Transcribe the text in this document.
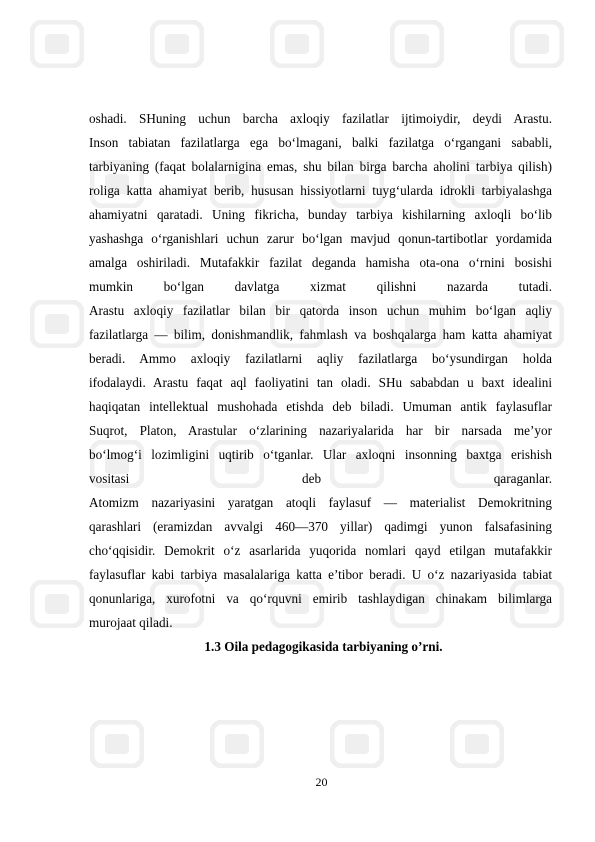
oshadi. SHuning uchun barcha axloqiy fazilatlar ijtimoiydir, deydi Arastu.
Inson tabiatan fazilatlarga ega bo‘lmagani, balki fazilatga o‘rgangani sababli,
tarbiyaning (faqat bolalarnigina emas, shu bilan birga barcha aholini tarbiya qilish)
roliga katta ahamiyat berib, hususan hissiyotlarni tuyg‘ularda idrokli tarbiyalashga
ahamiyatni qaratadi. Uning fikricha, bunday tarbiya kishilarning axloqli bo‘lib
yashashga o‘rganishlari uchun zarur bo‘lgan mavjud qonun-tartibotlar yordamida
amalga oshiriladi. Mutafakkir fazilat deganda hamisha ota-ona o‘rnini bosishi
mumkin bo‘lgan davlatga xizmat qilishni nazarda tutadi.
Arastu axloqiy fazilatlar bilan bir qatorda inson uchun muhim bo‘lgan aqliy
fazilatlarga — bilim, donishmandlik, fahmlash va boshqalarga ham katta ahamiyat
beradi. Ammo axloqiy fazilatlarni aqliy fazilatlarga bo‘ysundirgan holda
ifodalaydi. Arastu faqat aql faoliyatini tan oladi. SHu sababdan u baxt idealini
haqiqatan intellektual mushohada etishda deb biladi. Umuman antik faylasuflar
Suqrot, Platon, Arastular o‘zlarining nazariyalarida har bir narsada me’yor
bo‘lmog‘i lozimligini uqtirib o‘tganlar. Ular axloqni insonning baxtga erishish
vositasi deb qaraganlar.
Atomizm nazariyasini yaratgan atoqli faylasuf — materialist Demokritning
qarashlari (eramizdan avvalgi 460—370 yillar) qadimgi yunon falsafasining
cho‘qqisidir. Demokrit o‘z asarlarida yuqorida nomlari qayd etilgan mutafakkir
faylasuflar kabi tarbiya masalalariga katta e’tibor beradi. U o‘z nazariyasida tabiat
qonunlariga, xurofotni va qo‘rquvni emirib tashlaydigan chinakam bilimlarga
murojaat qiladi.
1.3 Oila pedagogikasida tarbiyaning o’rni.
20
